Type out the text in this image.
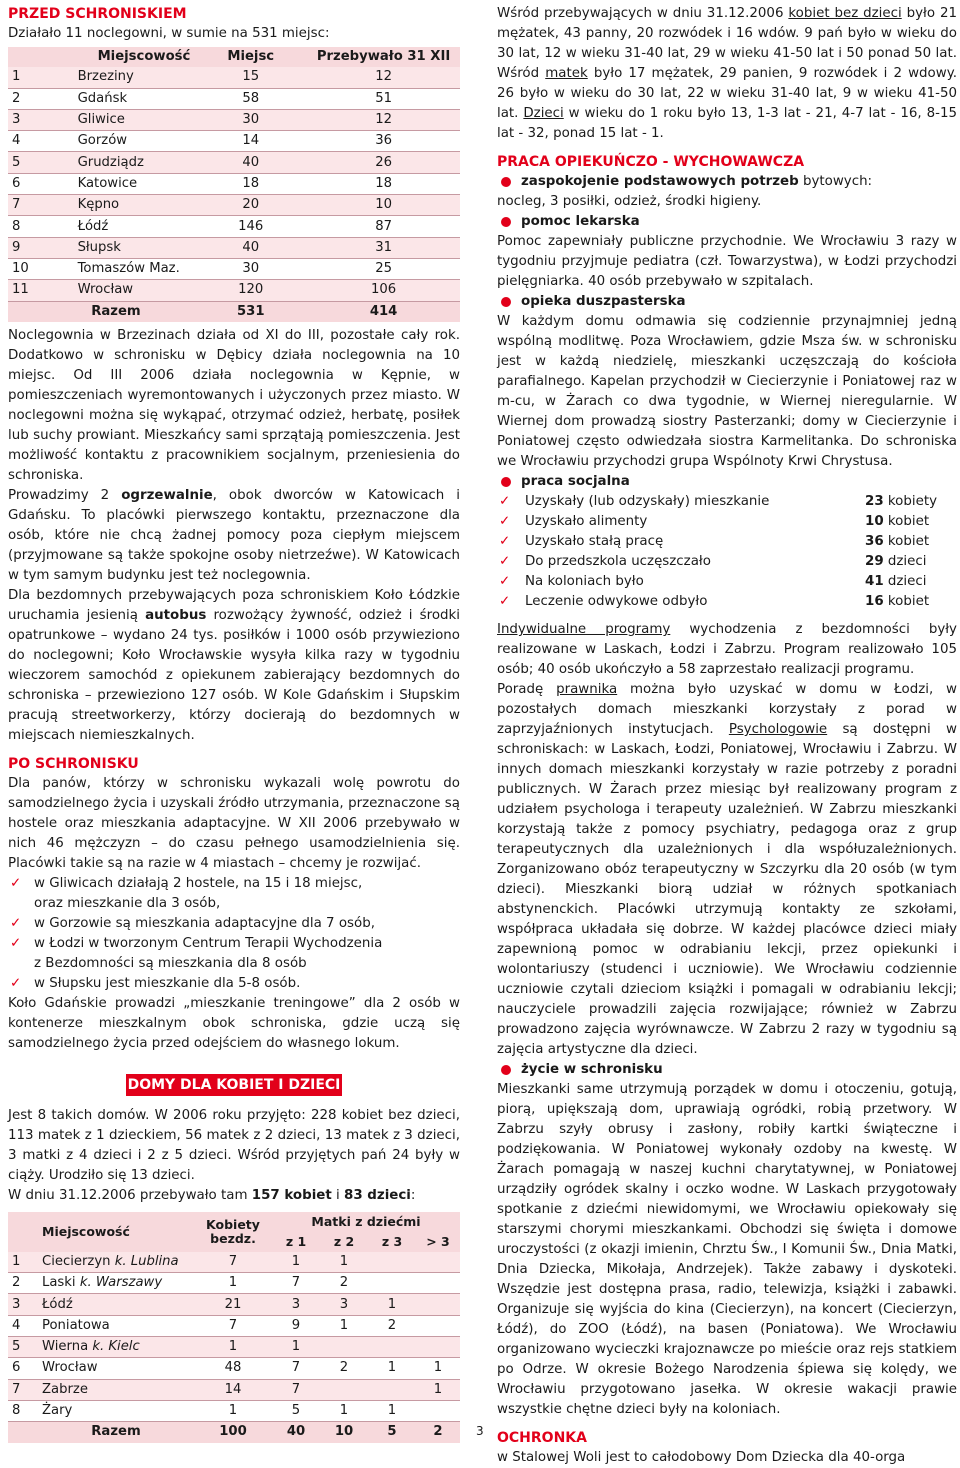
PRZED SCHRONISKIEM

Działało 11 noclegowni, w sumie na 531 miejsc:

	Miejscowość	Miejsc	Przebywało 31 XII
1	Brzeziny	15	12
2	Gdańsk	58	51
3	Gliwice	30	12
4	Gorzów	14	36
5	Grudziądz	40	26
6	Katowice	18	18
7	Kępno	20	10
8	Łódź	146	87
9	Słupsk	40	31
10	Tomaszów Maz.	30	25
11	Wrocław	120	106
	Razem	531	414

Noclegownia w Brzezinach działa od XI do III, pozostałe cały rok. Dodatkowo w schronisku w Dębicy działa noclegownia na 10 miejsc. Od III 2006 działa noclegownia w Kępnie, w pomieszczeniach wyremontowanych i użyczonych przez miasto. W noclegowni można się wykąpać, otrzymać odzież, herbatę, posiłek lub suchy prowiant. Mieszkańcy sami sprzątają pomieszczenia. Jest możliwość kontaktu z pracownikiem socjalnym, przeniesienia do schroniska.

Prowadzimy 2 ogrzewalnie, obok dworców w Katowicach i Gdańsku. To placówki pierwszego kontaktu, przeznaczone dla osób, które nie chcą żadnej pomocy poza ciepłym miejscem (przyjmowane są także spokojne osoby nietrzeźwe). W Katowicach w tym samym budynku jest też noclegownia.

Dla bezdomnych przebywających poza schroniskiem Koło Łódzkie uruchamia jesienią autobus rozwożący żywność, odzież i środki opatrunkowe – wydano 24 tys. posiłków i 1000 osób przywieziono do noclegowni; Koło Wrocławskie wysyła kilka razy w tygodniu wieczorem samochód z opiekunem zabierający bezdomnych do schroniska – przewieziono 127 osób. W Kole Gdańskim i Słupskim pracują streetworkerzy, którzy docierają do bezdomnych w miejscach niemieszkalnych.

PO SCHRONISKU

Dla panów, którzy w schronisku wykazali wolę powrotu do samodzielnego życia i uzyskali źródło utrzymania, przeznaczone są hostele oraz mieszkania adaptacyjne. W XII 2006 przebywało w nich 46 mężczyzn – do czasu pełnego usamodzielnienia się. Placówki takie są na razie w 4 miastach – chcemy je rozwijać.

✓ w Gliwicach działają 2 hostele, na 15 i 18 miejsc,
oraz mieszkanie dla 3 osób,
✓ w Gorzowie są mieszkania adaptacyjne dla 7 osób,
✓ w Łodzi w tworzonym Centrum Terapii Wychodzenia
z Bezdomności są mieszkania dla 8 osób
✓ w Słupsku jest mieszkanie dla 5-8 osób.

Koło Gdańskie prowadzi „mieszkanie treningowe” dla 2 osób w kontenerze mieszkalnym obok schroniska, gdzie uczą się samodzielnego życia przed odejściem do własnego lokum.

DOMY DLA KOBIET I DZIECI

Jest 8 takich domów. W 2006 roku przyjęto: 228 kobiet bez dzieci, 113 matek z 1 dzieckiem, 56 matek z 2 dzieci, 13 matek z 3 dzieci, 3 matki z 4 dzieci i 2 z 5 dzieci. Wśród przyjętych pań 24 były w ciąży. Urodziło się 13 dzieci.

W dniu 31.12.2006 przebywało tam 157 kobiet i 83 dzieci:

	Miejscowość	Kobiety bezdz.	Matki z dziećmi			
			z 1	z 2	z 3	> 3
1	Ciecierzyn k. Lublina	7	1	1		
2	Laski k. Warszawy	1	7	2		
3	Łódź	21	3	3	1	
4	Poniatowa	7	9	1	2	
5	Wierna k. Kielc	1	1			
6	Wrocław	48	7	2	1	1
7	Zabrze	14	7			1
8	Żary	1	5	1	1	
	Razem	100	40	10	5	2

Wśród przebywających w dniu 31.12.2006 kobiet bez dzieci było 21 mężatek, 43 panny, 20 rozwódek i 16 wdów. 9 pań było w wieku do 30 lat, 12 w wieku 31-40 lat, 29 w wieku 41-50 lat i 50 ponad 50 lat. Wśród matek było 17 mężatek, 29 panien, 9 rozwódek i 2 wdowy. 26 było w wieku do 30 lat, 22 w wieku 31-40 lat, 9 w wieku 41-50 lat. Dzieci w wieku do 1 roku było 13, 1-3 lat - 21, 4-7 lat - 16, 8-15 lat - 32, ponad 15 lat - 1.

PRACA OPIEKUŃCZO - WYCHOWAWCZA
zaspokojenie podstawowych potrzeb bytowych:

nocleg, 3 posiłki, odzież, środki higieny.

pomoc lekarska

Pomoc zapewniały publiczne przychodnie. We Wrocławiu 3 razy w tygodniu przyjmuje pediatra (czł. Towarzystwa), w Łodzi przychodzi pielęgniarka. 40 osób przebywało w szpitalach.

opieka duszpasterska

W każdym domu odmawia się codziennie przynajmniej jedną wspólną modlitwę. Poza Wrocławiem, gdzie Msza św. w schronisku jest w każdą niedzielę, mieszkanki uczęszczają do kościoła parafialnego. Kapelan przychodził w Ciecierzynie i Poniatowej raz w m-cu, w Żarach co dwa tygodnie, w Wiernej nieregularnie. W Wiernej dom prowadzą siostry Pasterzanki; domy w Ciecierzynie i Poniatowej często odwiedzała siostra Karmelitanka. Do schroniska we Wrocławiu przychodzi grupa Wspólnoty Krwi Chrystusa.

praca socjalna
✓	Uzyskały (lub odzyskały) mieszkanie	23 kobiety
✓	Uzyskało alimenty	10 kobiet
✓	Uzyskało stałą pracę	36 kobiet
✓	Do przedszkola uczęszczało	29 dzieci
✓	Na koloniach było	41 dzieci
✓	Leczenie odwykowe odbyło	16 kobiet

Indywidualne programy wychodzenia z bezdomności były realizowane w Laskach, Łodzi i Zabrzu. Program realizowało 105 osób; 40 osób ukończyło a 58 zaprzestało realizacji programu.

Poradę prawnika można było uzyskać w domu w Łodzi, w pozostałych domach mieszkanki korzystały z porad w zaprzyjaźnionych instytucjach. Psychologowie są dostępni w schroniskach: w Laskach, Łodzi, Poniatowej, Wrocławiu i Zabrzu. W innych domach mieszkanki korzystały w razie potrzeby z poradni publicznych. W Żarach przez miesiąc był realizowany program z udziałem psychologa i terapeuty uzależnień. W Zabrzu mieszkanki korzystają także z pomocy psychiatry, pedagoga oraz z grup terapeutycznych dla uzależnionych i dla współuzależnionych. Zorganizowano obóz terapeutyczny w Szczyrku dla 20 osób (w tym dzieci). Mieszkanki biorą udział w różnych spotkaniach abstynenckich. Placówki utrzymują kontakty ze szkołami, współpraca układała się dobrze. W każdej placówce dzieci miały zapewnioną pomoc w odrabianiu lekcji, przez opiekunki i wolontariuszy (studenci i uczniowie). We Wrocławiu codziennie uczniowie czytali dzieciom książki i pomagali w odrabianiu lekcji; nauczyciele prowadzili zajęcia rozwijające; również w Zabrzu prowadzono zajęcia wyrównawcze. W Zabrzu 2 razy w tygodniu są zajęcia artystyczne dla dzieci.

życie w schronisku

Mieszkanki same utrzymują porządek w domu i otoczeniu, gotują, piorą, upiększają dom, uprawiają ogródki, robią przetwory. W Zabrzu szyły obrusy i zasłony, robiły kartki świąteczne i podziękowania. W Poniatowej wykonały ozdoby na kwestę. W Żarach pomagają w naszej kuchni charytatywnej, w Poniatowej urządziły ogródek skalny i oczko wodne. W Laskach przygotowały spotkanie z dziećmi niewidomymi, we Wrocławiu opiekowały się starszymi chorymi mieszkankami. Obchodzi się święta i domowe uroczystości (z okazji imienin, Chrztu Św., I Komunii Św., Dnia Matki, Dnia Dziecka, Mikołaja, Andrzejek). Także zabawy i dyskoteki. Wszędzie jest dostępna prasa, radio, telewizja, książki i zabawki. Organizuje się wyjścia do kina (Ciecierzyn), na koncert (Ciecierzyn, Łódź), do ZOO (Łódź), na basen (Poniatowa). We Wrocławiu organizowano wycieczki krajoznawcze po mieście oraz rejs statkiem po Odrze. W okresie Bożego Narodzenia śpiewa się kolędy, we Wrocławiu przygotowano jasełka. W okresie wakacji prawie wszystkie chętne dzieci były na koloniach.

OCHRONKA

w Stalowej Woli jest to całodobowy Dom Dziecka dla 40-orga

3
